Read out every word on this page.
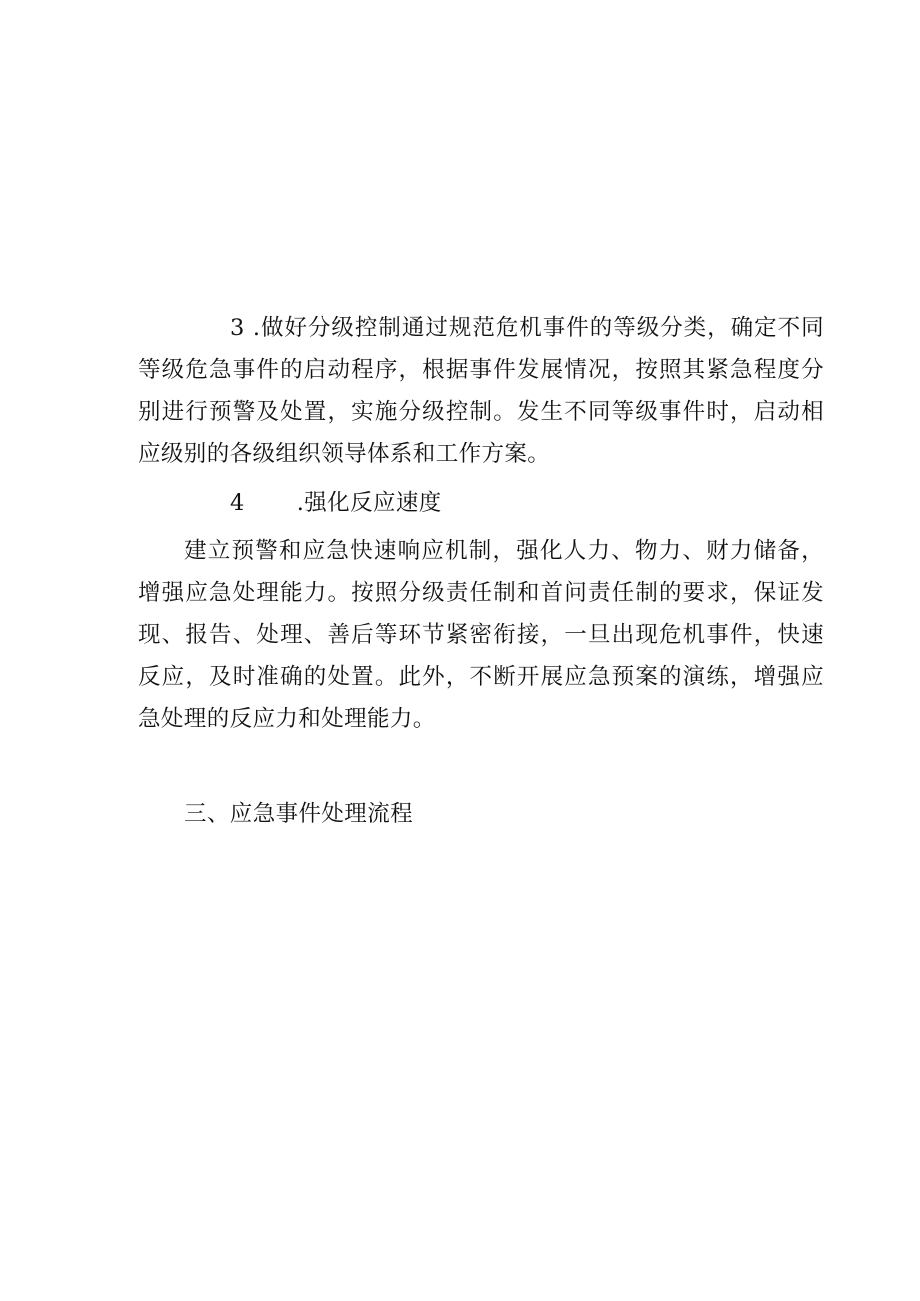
3 .做好分级控制通过规范危机事件的等级分类，确定不同等级危急事件的启动程序，根据事件发展情况，按照其紧急程度分别进行预警及处置，实施分级控制。发生不同等级事件时，启动相应级别的各级组织领导体系和工作方案。

4 .强化反应速度

建立预警和应急快速响应机制，强化人力、物力、财力储备，增强应急处理能力。按照分级责任制和首问责任制的要求，保证发现、报告、处理、善后等环节紧密衔接，一旦出现危机事件，快速反应，及时准确的处置。此外，不断开展应急预案的演练，增强应急处理的反应力和处理能力。

三、应急事件处理流程
